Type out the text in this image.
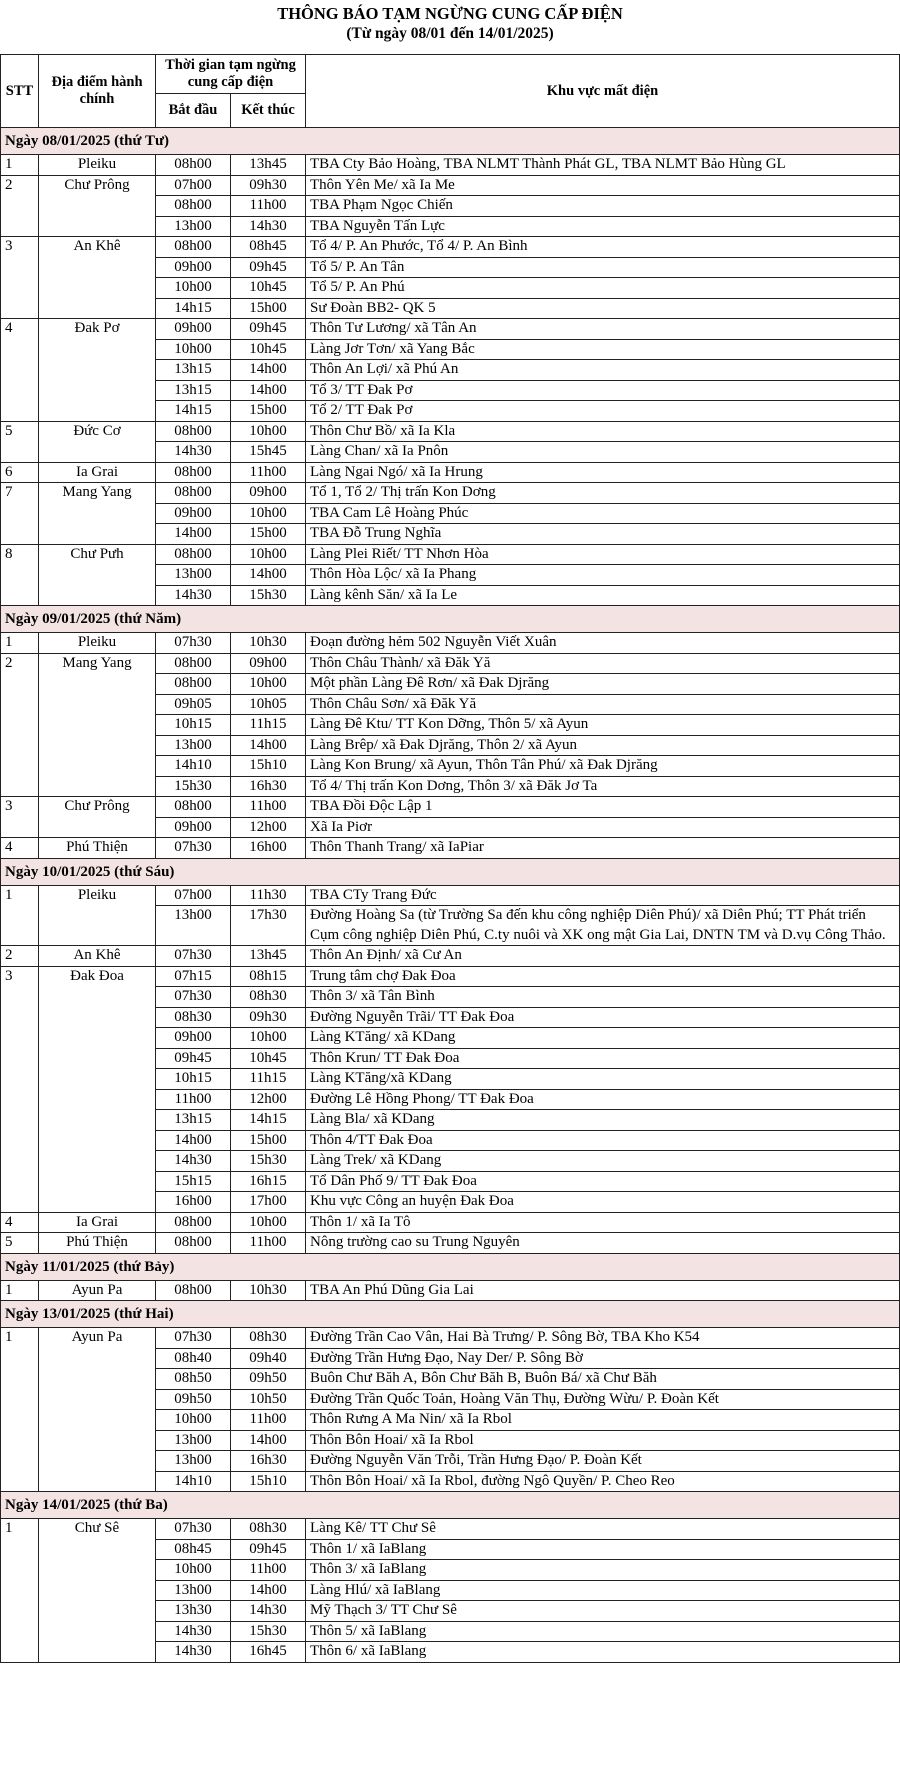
THÔNG BÁO TẠM NGỪNG CUNG CẤP ĐIỆN
(Từ ngày 08/01 đến 14/01/2025)
STT	Địa điểm hành chính	Thời gian tạm ngừng cung cấp điện		Khu vực mất điện
		Bắt đầu	Kết thúc	
Ngày 08/01/2025 (thứ Tư)				
1	Pleiku	08h00	13h45	TBA Cty Bảo Hoàng, TBA NLMT Thành Phát GL, TBA NLMT Bảo Hùng GL
2	Chư Prông	07h00	09h30	Thôn Yên Me/ xã Ia Me
		08h00	11h00	TBA Phạm Ngọc Chiến
		13h00	14h30	TBA Nguyễn Tấn Lực
3	An Khê	08h00	08h45	Tổ 4/ P. An Phước, Tổ 4/ P. An Bình
		09h00	09h45	Tổ 5/ P. An Tân
		10h00	10h45	Tổ 5/ P. An Phú
		14h15	15h00	Sư Đoàn BB2- QK 5
4	Đak Pơ	09h00	09h45	Thôn Tư Lương/ xã Tân An
		10h00	10h45	Làng Jơr Tơn/ xã Yang Bắc
		13h15	14h00	Thôn An Lợi/ xã Phú An
		13h15	14h00	Tổ 3/ TT Đak Pơ
		14h15	15h00	Tổ 2/ TT Đak Pơ
5	Đức Cơ	08h00	10h00	Thôn Chư Bồ/ xã Ia Kla
		14h30	15h45	Làng Chan/ xã Ia Pnôn
6	Ia Grai	08h00	11h00	Làng Ngai Ngó/ xã Ia Hrung
7	Mang Yang	08h00	09h00	Tổ 1, Tổ 2/ Thị trấn Kon Dơng
		09h00	10h00	TBA Cam Lê Hoàng Phúc
		14h00	15h00	TBA Đỗ Trung Nghĩa
8	Chư Pưh	08h00	10h00	Làng Plei Riết/ TT Nhơn Hòa
		13h00	14h00	Thôn Hòa Lộc/ xã Ia Phang
		14h30	15h30	Làng kênh Săn/ xã Ia Le
Ngày 09/01/2025 (thứ Năm)				
1	Pleiku	07h30	10h30	Đoạn đường hẻm 502 Nguyễn Viết Xuân
2	Mang Yang	08h00	09h00	Thôn Châu Thành/ xã Đăk Yă
		08h00	10h00	Một phần Làng Đê Rơn/ xã Đak Djrăng
		09h05	10h05	Thôn Châu Sơn/ xã Đăk Yă
		10h15	11h15	Làng Đê Ktu/ TT Kon Dỡng, Thôn 5/ xã Ayun
		13h00	14h00	Làng Brêp/ xã Đak Djrăng, Thôn 2/ xã Ayun
		14h10	15h10	Làng Kon Brung/ xã Ayun, Thôn Tân Phú/ xã Đak Djrăng
		15h30	16h30	Tổ 4/ Thị trấn Kon Dơng, Thôn 3/ xã Đăk Jơ Ta
3	Chư Prông	08h00	11h00	TBA Đồi Độc Lập 1
		09h00	12h00	Xã Ia Piơr
4	Phú Thiện	07h30	16h00	Thôn Thanh Trang/ xã IaPiar
Ngày 10/01/2025 (thứ Sáu)				
1	Pleiku	07h00	11h30	TBA CTy Trang Đức
		13h00	17h30	Đường Hoàng Sa (từ Trường Sa đến khu công nghiệp Diên Phú)/ xã Diên Phú; TT Phát triển Cụm công nghiệp Diên Phú, C.ty nuôi và XK ong mật Gia Lai, DNTN TM và D.vụ Công Thảo.
2	An Khê	07h30	13h45	Thôn An Định/ xã Cư An
3	Đak Đoa	07h15	08h15	Trung tâm chợ Đak Đoa
		07h30	08h30	Thôn 3/ xã Tân Bình
		08h30	09h30	Đường Nguyễn Trãi/ TT Đak Đoa
		09h00	10h00	Làng KTăng/ xã KDang
		09h45	10h45	Thôn Krun/ TT Đak Đoa
		10h15	11h15	Làng KTăng/xã KDang
		11h00	12h00	Đường Lê Hồng Phong/ TT Đak Đoa
		13h15	14h15	Làng Bla/ xã KDang
		14h00	15h00	Thôn 4/TT Đak Đoa
		14h30	15h30	Làng Trek/ xã KDang
		15h15	16h15	Tổ Dân Phố 9/ TT Đak Đoa
		16h00	17h00	Khu vực Công an huyện Đak Đoa
4	Ia Grai	08h00	10h00	Thôn 1/ xã Ia Tô
5	Phú Thiện	08h00	11h00	Nông trường cao su Trung Nguyên
Ngày 11/01/2025 (thứ Bảy)				
1	Ayun Pa	08h00	10h30	TBA An Phú Dũng Gia Lai
Ngày 13/01/2025 (thứ Hai)				
1	Ayun Pa	07h30	08h30	Đường Trần Cao Vân, Hai Bà Trưng/ P. Sông Bờ, TBA Kho K54
		08h40	09h40	Đường Trần Hưng Đạo, Nay Der/ P. Sông Bờ
		08h50	09h50	Buôn Chư Băh A, Bôn Chư Băh B, Buôn Bá/ xã Chư Băh
		09h50	10h50	Đường Trần Quốc Toản, Hoàng Văn Thụ, Đường Wừu/ P. Đoàn Kết
		10h00	11h00	Thôn Rưng A Ma Nin/ xã Ia Rbol
		13h00	14h00	Thôn Bôn Hoai/ xã Ia Rbol
		13h00	16h30	Đường Nguyễn Văn Trỗi, Trần Hưng Đạo/ P. Đoàn Kết
		14h10	15h10	Thôn Bôn Hoai/ xã Ia Rbol, đường Ngô Quyền/ P. Cheo Reo
Ngày 14/01/2025 (thứ Ba)				
1	Chư Sê	07h30	08h30	Làng Kê/ TT Chư Sê
		08h45	09h45	Thôn 1/ xã IaBlang
		10h00	11h00	Thôn 3/ xã IaBlang
		13h00	14h00	Làng Hlú/ xã IaBlang
		13h30	14h30	Mỹ Thạch 3/ TT Chư Sê
		14h30	15h30	Thôn 5/ xã IaBlang
		14h30	16h45	Thôn 6/ xã IaBlang
